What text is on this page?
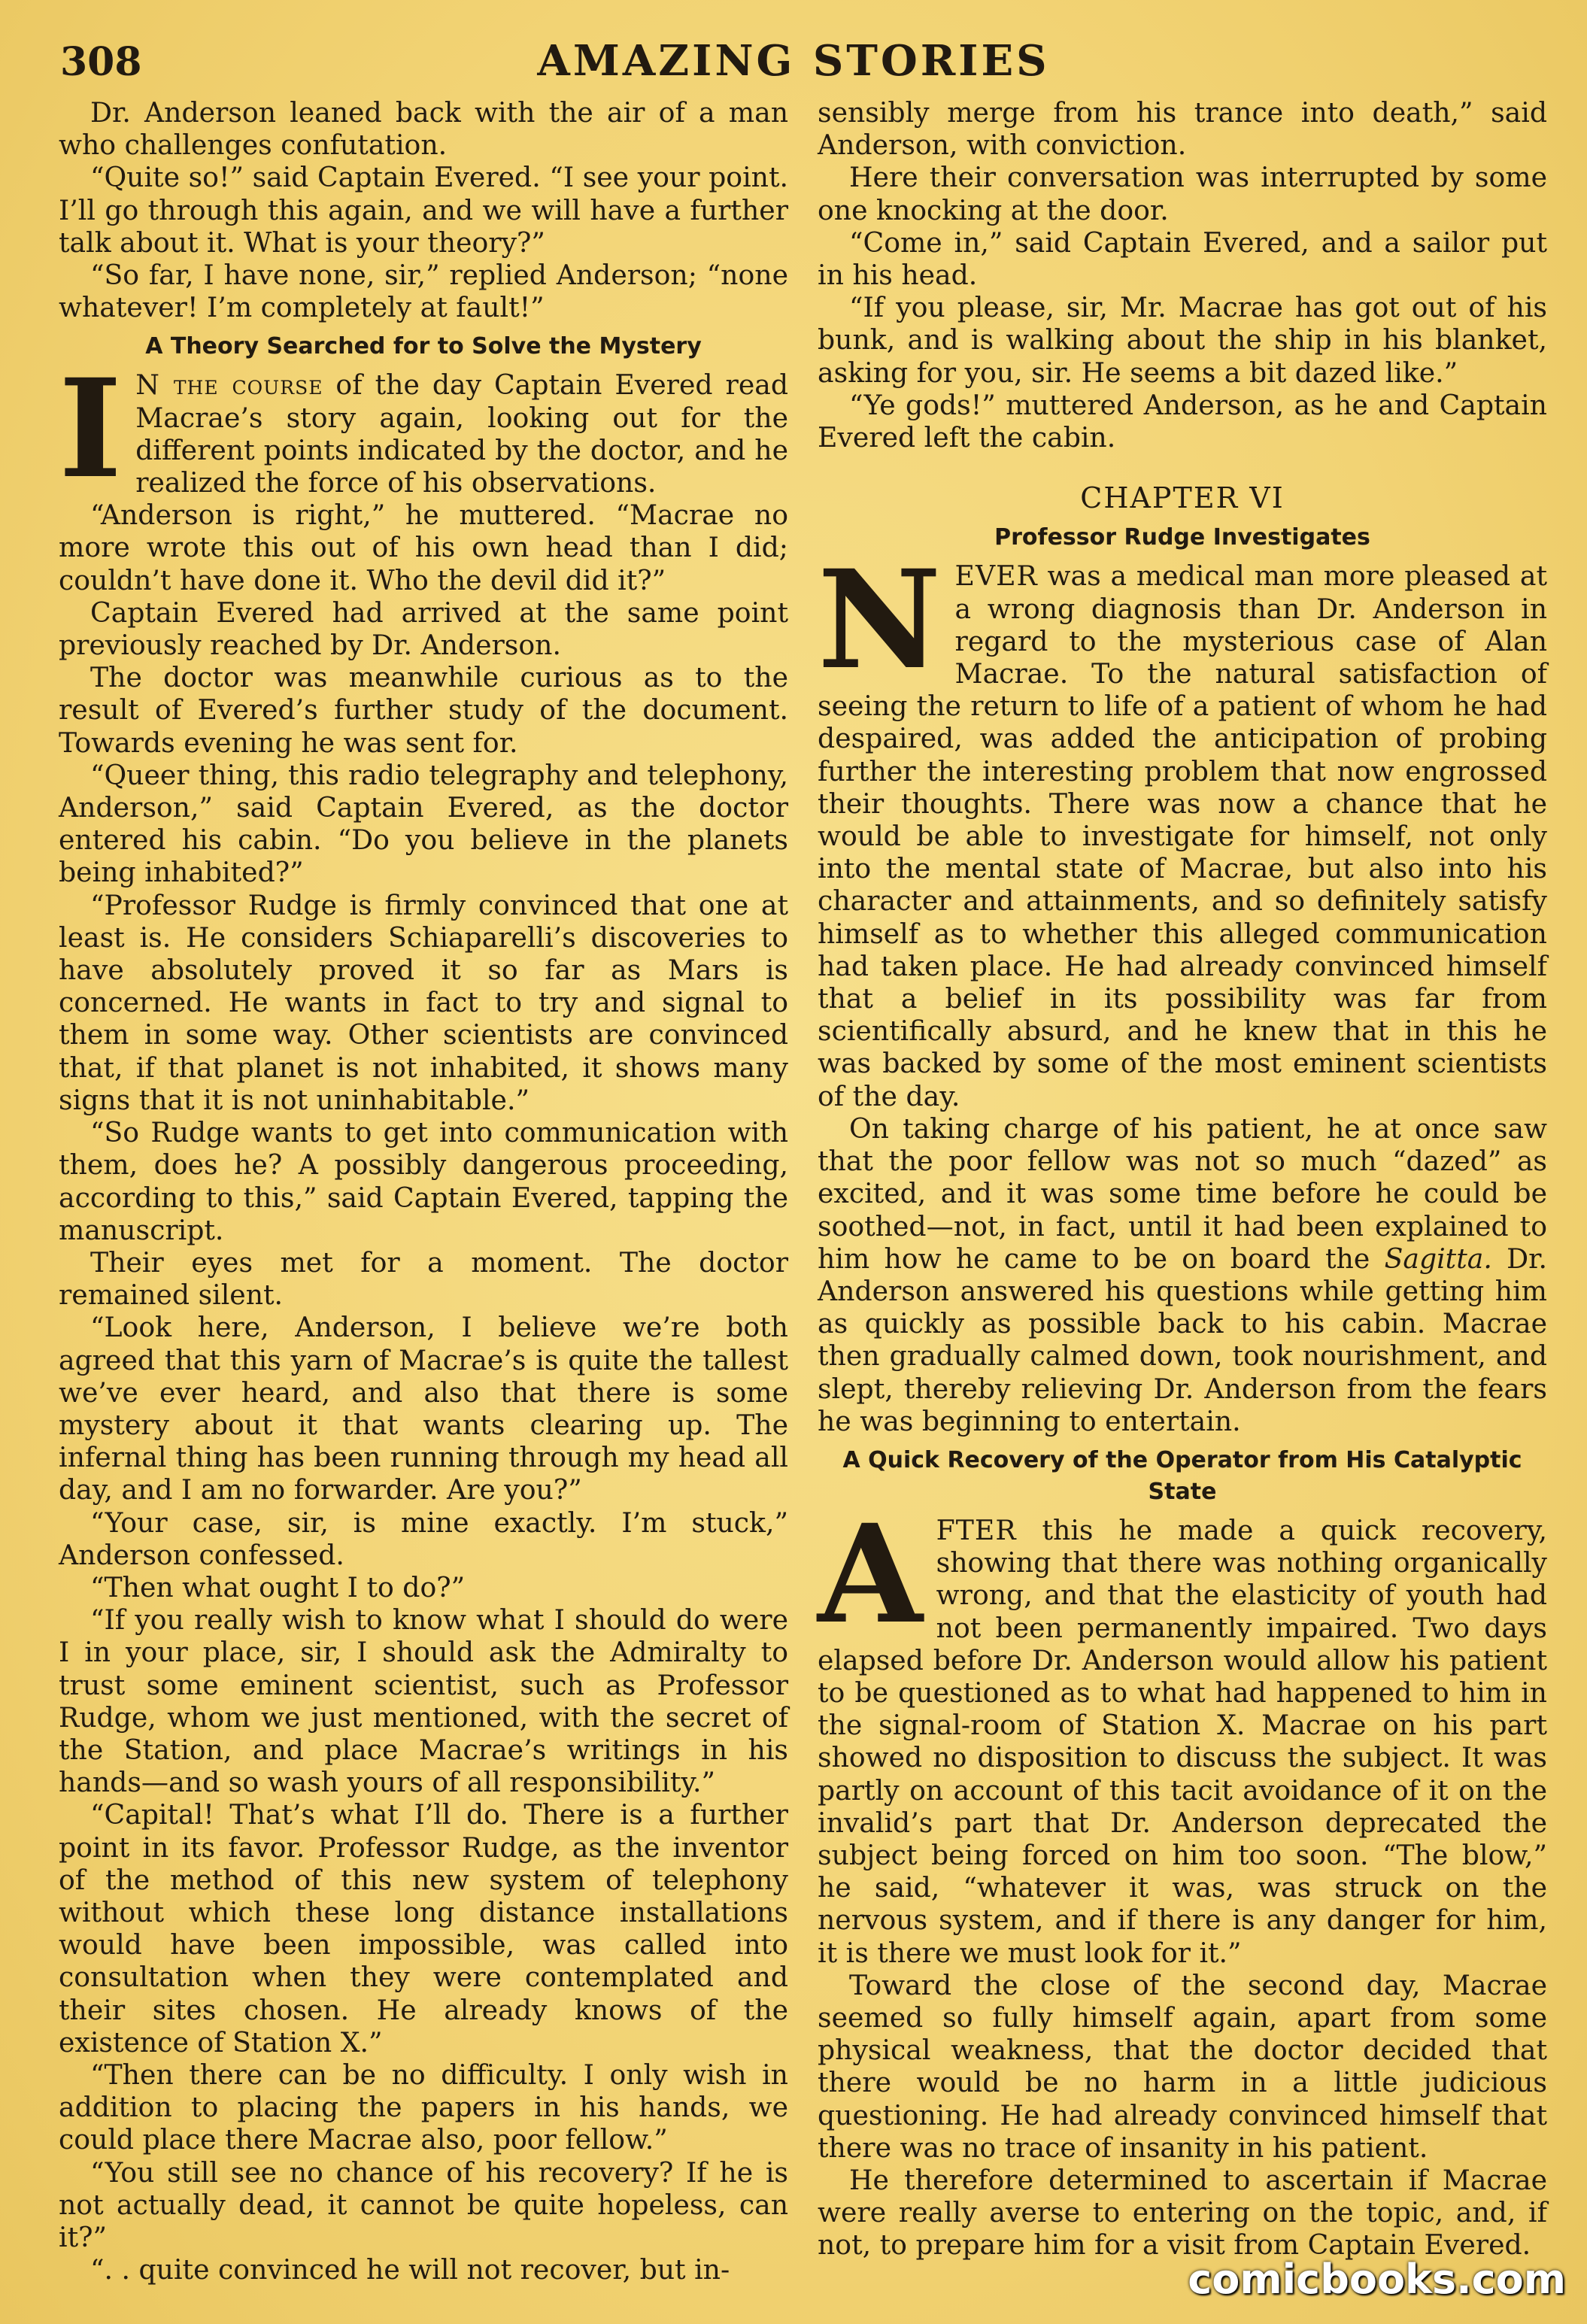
308	AMAZING STORIES

Dr. Anderson leaned back with the air of a man who challenges confutation.

“Quite so!” said Captain Evered. “I see your point. I’ll go through this again, and we will have a further talk about it. What is your theory?”

“So far, I have none, sir,” replied Anderson; “none whatever! I’m completely at fault!”

A Theory Searched for to Solve the Mystery

I N the course of the day Captain Evered read Macrae’s story again, looking out for the different points indicated by the doctor, and he realized the force of his observations.

“Anderson is right,” he muttered. “Macrae no more wrote this out of his own head than I did; couldn’t have done it. Who the devil did it?”

Captain Evered had arrived at the same point previously reached by Dr. Anderson.

The doctor was meanwhile curious as to the result of Evered’s further study of the document. Towards evening he was sent for.

“Queer thing, this radio telegraphy and telephony, Anderson,” said Captain Evered, as the doctor entered his cabin. “Do you believe in the planets being inhabited?”

“Professor Rudge is firmly convinced that one at least is. He considers Schiaparelli’s discoveries to have absolutely proved it so far as Mars is concerned. He wants in fact to try and signal to them in some way. Other scientists are convinced that, if that planet is not inhabited, it shows many signs that it is not uninhabitable.”

“So Rudge wants to get into communication with them, does he? A possibly dangerous proceeding, according to this,” said Captain Evered, tapping the manuscript.

Their eyes met for a moment. The doctor remained silent.

“Look here, Anderson, I believe we’re both agreed that this yarn of Macrae’s is quite the tallest we’ve ever heard, and also that there is some mystery about it that wants clearing up. The infernal thing has been running through my head all day, and I am no forwarder. Are you?”

“Your case, sir, is mine exactly. I’m stuck,” Anderson confessed.

“Then what ought I to do?”

“If you really wish to know what I should do were I in your place, sir, I should ask the Admiralty to trust some eminent scientist, such as Professor Rudge, whom we just mentioned, with the secret of the Station, and place Macrae’s writings in his hands—and so wash yours of all responsibility.”

“Capital! That’s what I’ll do. There is a further point in its favor. Professor Rudge, as the inventor of the method of this new system of telephony without which these long distance installations would have been impossible, was called into consultation when they were contemplated and their sites chosen. He already knows of the existence of Station X.”

“Then there can be no difficulty. I only wish in addition to placing the papers in his hands, we could place there Macrae also, poor fellow.”

“You still see no chance of his recovery? If he is not actually dead, it cannot be quite hopeless, can it?”

“. . quite convinced he will not recover, but in-

sensibly merge from his trance into death,” said Anderson, with conviction.

Here their conversation was interrupted by some one knocking at the door.

“Come in,” said Captain Evered, and a sailor put in his head.

“If you please, sir, Mr. Macrae has got out of his bunk, and is walking about the ship in his blanket, asking for you, sir. He seems a bit dazed like.”

“Ye gods!” muttered Anderson, as he and Captain Evered left the cabin.

CHAPTER VI
Professor Rudge Investigates

NEVER was a medical man more pleased at a wrong diagnosis than Dr. Anderson in regard to the mysterious case of Alan Macrae. To the natural satisfaction of seeing the return to life of a patient of whom he had despaired, was added the anticipation of probing further the interesting problem that now engrossed their thoughts. There was now a chance that he would be able to investigate for himself, not only into the mental state of Macrae, but also into his character and attainments, and so definitely satisfy himself as to whether this alleged communication had taken place. He had already convinced himself that a belief in its possibility was far from scientifically absurd, and he knew that in this he was backed by some of the most eminent scientists of the day.

On taking charge of his patient, he at once saw that the poor fellow was not so much “dazed” as excited, and it was some time before he could be soothed—not, in fact, until it had been explained to him how he came to be on board the Sagitta. Dr. Anderson answered his questions while getting him as quickly as possible back to his cabin. Macrae then gradually calmed down, took nourishment, and slept, thereby relieving Dr. Anderson from the fears he was beginning to entertain.

A Quick Recovery of the Operator from His Catalyptic State

AFTER this he made a quick recovery, showing that there was nothing organically wrong, and that the elasticity of youth had not been permanently impaired. Two days elapsed before Dr. Anderson would allow his patient to be questioned as to what had happened to him in the signal-room of Station X. Macrae on his part showed no disposition to discuss the subject. It was partly on account of this tacit avoidance of it on the invalid’s part that Dr. Anderson deprecated the subject being forced on him too soon. “The blow,” he said, “whatever it was, was struck on the nervous system, and if there is any danger for him, it is there we must look for it.”

Toward the close of the second day, Macrae seemed so fully himself again, apart from some physical weakness, that the doctor decided that there would be no harm in a little judicious questioning. He had already convinced himself that there was no trace of insanity in his patient.

He therefore determined to ascertain if Macrae were really averse to entering on the topic, and, if not, to prepare him for a visit from Captain Evered.

comicbooks.com
